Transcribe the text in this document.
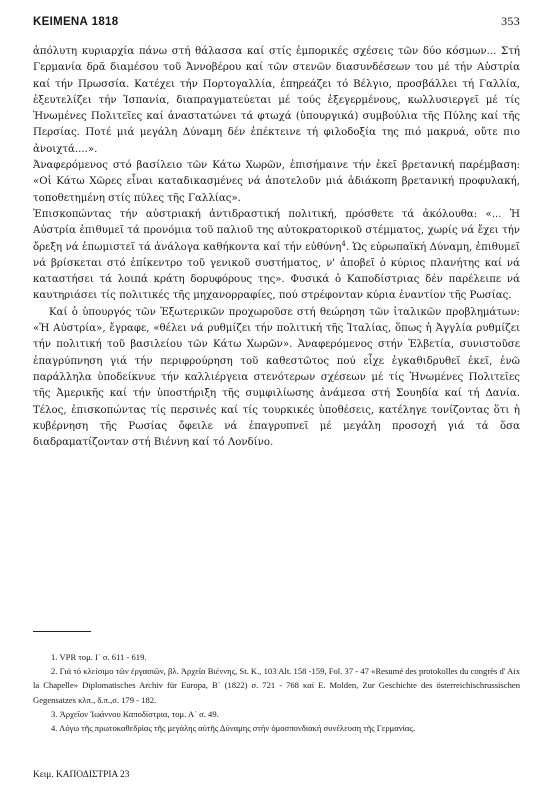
ΚΕΙΜΕΝΑ 1818	353

ἀπόλυτη κυριαρχία πάνω στή θάλασσα καί στίς ἐμπορικές σχέσεις τῶν δύο κόσμων... Στή Γερμανία δρᾶ διαμέσου τοῦ Ἀννοβέρου καί τῶν στενῶν διασυνδέσεων του μέ τήν Αὐστρία καί τήν Πρωσσία. Κατέχει τήν Πορτογαλλία, ἐπηρεάζει τό Βέλγιο, προσβάλλει τή Γαλλία, ἐξευτελίζει τήν Ἱσπανία, διαπραγματεύεται μέ τούς ἐξεγερμένους, κωλλυσιεργεῖ μέ τίς Ἡνωμένες Πολιτεῖες καί ἀναστατώνει τά φτωχά (ὑπουργικά) συμβούλια τῆς Πύλης καί τῆς Περσίας. Ποτέ μιά μεγάλη Δύναμη δέν ἐπέκτεινε τή φιλοδοξία της πιό μακρυά, οὔτε πιο ἀνοιχτά....».

Ἀναφερόμενος στό βασίλειο τῶν Κάτω Χωρῶν, ἐπισήμαινε τήν ἐκεῖ βρετανική παρέμβαση: «Οἱ Κάτω Χῶρες εἶναι καταδικασμένες νά ἀποτελοῦν μιά ἀδιάκοπη βρετανική προφυλακή, τοποθετημένη στίς πύλες τῆς Γαλλίας».

Ἐπισκοπώντας τήν αὐστριακή ἀντιδραστική πολιτική, πρόσθετε τά ἀκόλουθα: «... Ἡ Αὐστρία ἐπιθυμεῖ τά προνόμια τοῦ παλιοῦ της αὐτοκρατορικοῦ στέμματος, χωρίς νά ἔχει τήν ὄρεξη νά ἐπωμιστεῖ τά ἀνάλογα καθήκοντα καί τήν εὐθύνη$^4$. Ὡς εὐρωπαϊκή Δύναμη, ἐπιθυμεῖ νά βρίσκεται στό ἐπίκεντρο τοῦ γενικοῦ συστήματος, ν' ἀποβεῖ ὁ κύριος πλανήτης καί νά καταστήσει τά λοιπά κράτη δορυφόρους της». Φυσικά ὁ Καποδίστριας δέν παρέλειπε νά καυτηριάσει τίς πολιτικές τῆς μηχανορραφίες, πού στρέφονταν κύρια ἐναντίον τῆς Ρωσίας.

Καί ὁ ὑπουργός τῶν Ἐξωτερικῶν προχωροῦσε στή θεώρηση τῶν ἰταλικῶν προβλημάτων: «Ἡ Αὐστρία», ἔγραφε, «θέλει νά ρυθμίζει τήν πολιτική τῆς Ἰταλίας, ὅπως ἡ Ἀγγλία ρυθμίζει τήν πολιτική τοῦ βασιλείου τῶν Κάτω Χωρῶν». Ἀναφερόμενος στήν Ἑλβετία, συνιστοῦσε ἐπαγρύπνηση γιά τήν περιφρούρηση τοῦ καθεστῶτος πού εἶχε ἐγκαθιδρυθεῖ ἐκεῖ, ἐνῶ παράλληλα ὑποδείκνυε τήν καλλιέργεια στενότερων σχέσεων μέ τίς Ἡνωμένες Πολιτεῖες τῆς Ἀμερικῆς καί τήν ὑποστήριξη τῆς συμφιλίωσης ἀνάμεσα στή Σουηδία καί τή Δανία. Τέλος, ἐπισκοπώντας τίς περσινές καί τίς τουρκικές ὑποθέσεις, κατέληγε τονίζοντας ὅτι ἡ κυβέρνηση τῆς Ρωσίας ὄφειλε νά ἐπαγρυπνεῖ μέ μεγάλη προσοχή γιά τά ὅσα διαδραματίζονταν στή Βιέννη καί τό Λονδίνο.

1. VPR τομ. Ι΄ σ. 611 - 619.

2. Γιά τό κλείσιμο τῶν ἐργασιῶν, βλ. Ἀρχεῖα Βιέννης, St. K., 103 Alt. 158 -159, Fol. 37 - 47 «Resumé des protokolles du congrès d' Aix la Chapelle» Diplomatisches Archiv für Europa, Β΄ (1822) σ. 721 - 768 καί E. Molden, Zur Geschichte des österreichischrussischen Gegensatzes κλπ., δ.π.,σ. 179 - 182.

3. Ἀρχεῖον Ἰωάννου Καποδίστρια, τομ. Α΄ σ. 49.

4. Λόγω τῆς πρωτοκαθεδρίας τῆς μεγάλης αὐτῆς Δύναμης στήν ὁμοσπονδιακή συνέλευση τῆς Γερμανίας.

Κειμ. ΚΑΠΟΔΙΣΤΡΙΑ 23
